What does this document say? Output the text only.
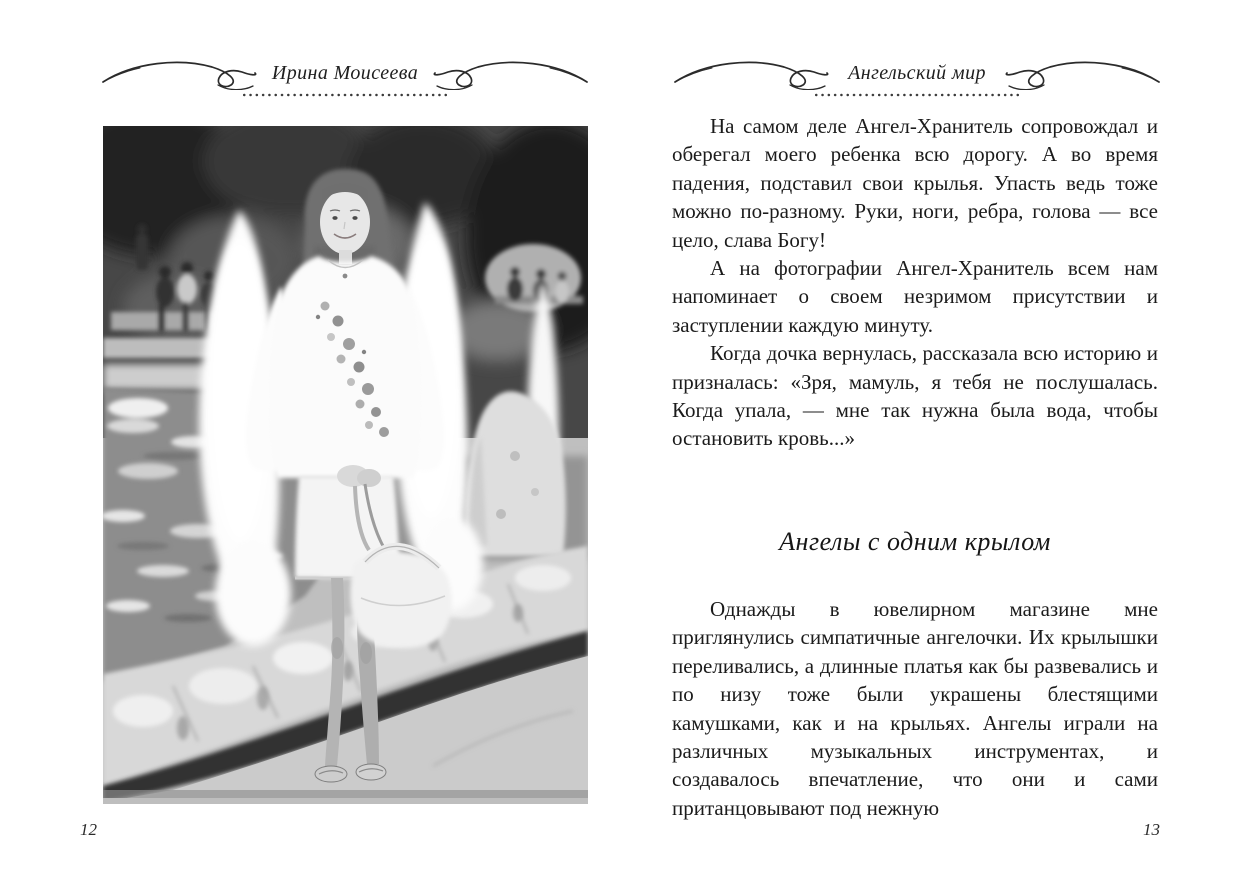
Ирина Моисеева
12
Ангельский мир

На самом деле Ангел-Хранитель сопровождал и оберегал моего ребенка всю дорогу. А во время падения, подставил свои крылья. Упасть ведь тоже можно по-разному. Руки, ноги, ребра, голова — все цело, слава Богу!

А на фотографии Ангел-Хранитель всем нам напоминает о своем незримом присутствии и заступлении каждую минуту.

Когда дочка вернулась, рассказала всю историю и призналась: «Зря, мамуль, я тебя не послушалась. Когда упала, — мне так нужна была вода, чтобы остановить кровь...»

Ангелы с одним крылом

Однажды в ювелирном магазине мне приглянулись симпатичные ангелочки. Их крылышки переливались, а длинные платья как бы развевались и по низу тоже были украшены блестящими камушками, как и на крыльях. Ангелы играли на различных музыкальных инструментах, и создавалось впечатление, что они и сами пританцовывают под нежную

13
